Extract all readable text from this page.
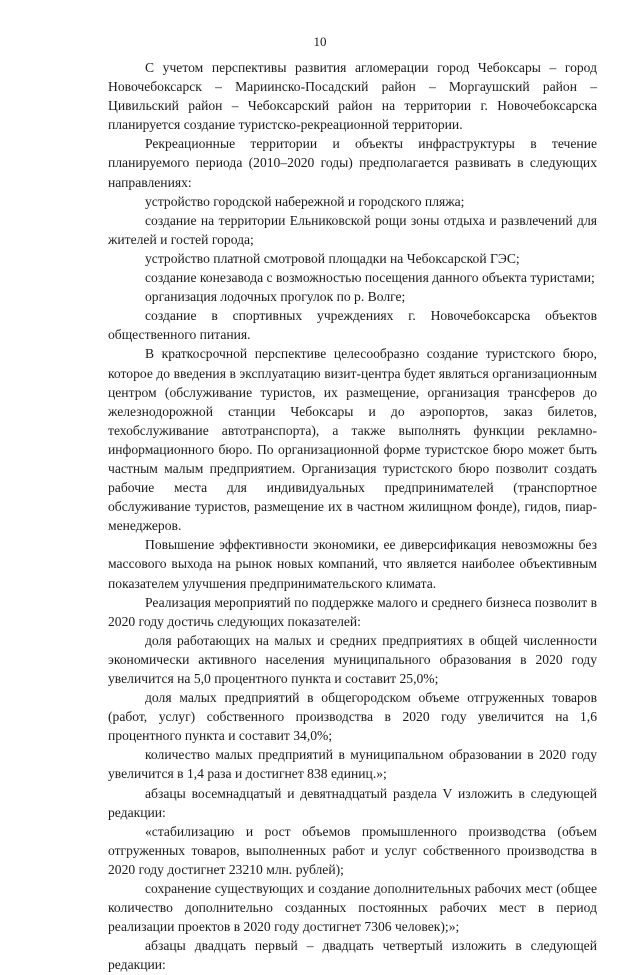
10

С учетом перспективы развития агломерации город Чебоксары – город Новочебоксарск – Мариинско-Посадский район – Моргаушский район – Цивильский район – Чебоксарский район на территории г. Новочебоксарска планируется создание туристско-рекреационной территории.

Рекреационные территории и объекты инфраструктуры в течение планируемого периода (2010–2020 годы) предполагается развивать в следующих направлениях:

устройство городской набережной и городского пляжа;

создание на территории Ельниковской рощи зоны отдыха и развлечений для жителей и гостей города;

устройство платной смотровой площадки на Чебоксарской ГЭС;

создание конезавода с возможностью посещения данного объекта туристами;

организация лодочных прогулок по р. Волге;

создание в спортивных учреждениях г. Новочебоксарска объектов общественного питания.

В краткосрочной перспективе целесообразно создание туристского бюро, которое до введения в эксплуатацию визит-центра будет являться организационным центром (обслуживание туристов, их размещение, организация трансферов до железнодорожной станции Чебоксары и до аэропортов, заказ билетов, техобслуживание автотранспорта), а также выполнять функции рекламно-информационного бюро. По организационной форме туристское бюро может быть частным малым предприятием. Организация туристского бюро позволит создать рабочие места для индивидуальных предпринимателей (транспортное обслуживание туристов, размещение их в частном жилищном фонде), гидов, пиар-менеджеров.

Повышение эффективности экономики, ее диверсификация невозможны без массового выхода на рынок новых компаний, что является наиболее объективным показателем улучшения предпринимательского климата.

Реализация мероприятий по поддержке малого и среднего бизнеса позволит в 2020 году достичь следующих показателей:

доля работающих на малых и средних предприятиях в общей численности экономически активного населения муниципального образования в 2020 году увеличится на 5,0 процентного пункта и составит 25,0%;

доля малых предприятий в общегородском объеме отгруженных товаров (работ, услуг) собственного производства в 2020 году увеличится на 1,6 процентного пункта и составит 34,0%;

количество малых предприятий в муниципальном образовании в 2020 году увеличится в 1,4 раза и достигнет 838 единиц.»;

абзацы восемнадцатый и девятнадцатый раздела V изложить в следующей редакции:

«стабилизацию и рост объемов промышленного производства (объем отгруженных товаров, выполненных работ и услуг собственного производства в 2020 году достигнет 23210 млн. рублей);

сохранение существующих и создание дополнительных рабочих мест (общее количество дополнительно созданных постоянных рабочих мест в период реализации проектов в 2020 году достигнет 7306 человек);»;

абзацы двадцать первый – двадцать четвертый изложить в следующей редакции:
